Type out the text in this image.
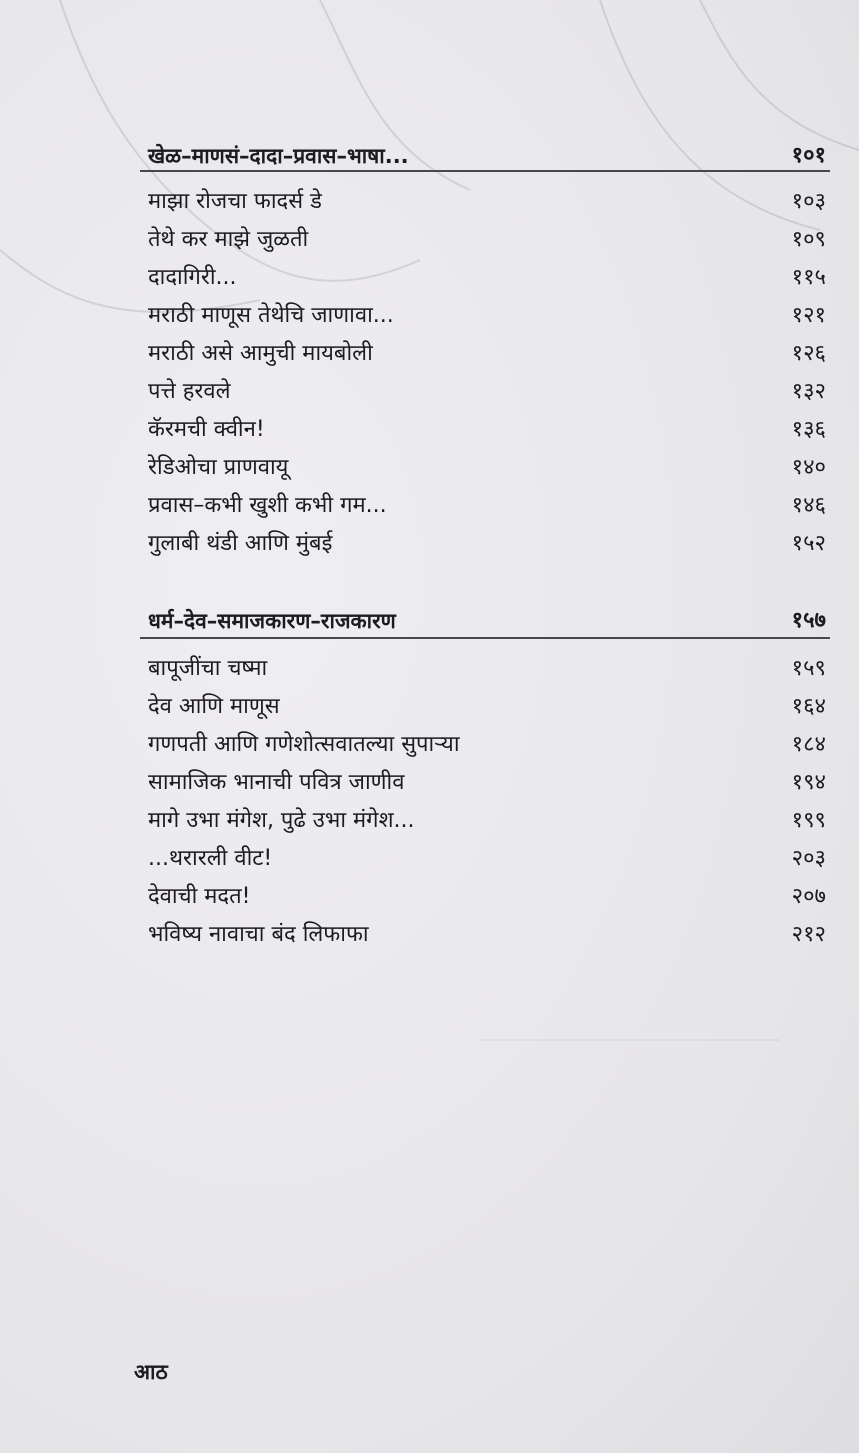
खेळ–माणसं–दादा–प्रवास–भाषा...	१०१
माझा रोजचा फादर्स डे	१०३
तेथे कर माझे जुळती	१०९
दादागिरी...	११५
मराठी माणूस तेथेचि जाणावा...	१२१
मराठी असे आमुची मायबोली	१२६
पत्ते हरवले	१३२
कॅरमची क्वीन!	१३६
रेडिओचा प्राणवायू	१४०
प्रवास–कभी खुशी कभी गम...	१४६
गुलाबी थंडी आणि मुंबई	१५२
धर्म–देव–समाजकारण–राजकारण	१५७
बापूजींचा चष्मा	१५९
देव आणि माणूस	१६४
गणपती आणि गणेशोत्सवातल्या सुपाऱ्या	१८४
सामाजिक भानाची पवित्र जाणीव	१९४
मागे उभा मंगेश, पुढे उभा मंगेश...	१९९
...थरारली वीट!	२०३
देवाची मदत!	२०७
भविष्य नावाचा बंद लिफाफा	२१२
आठ
